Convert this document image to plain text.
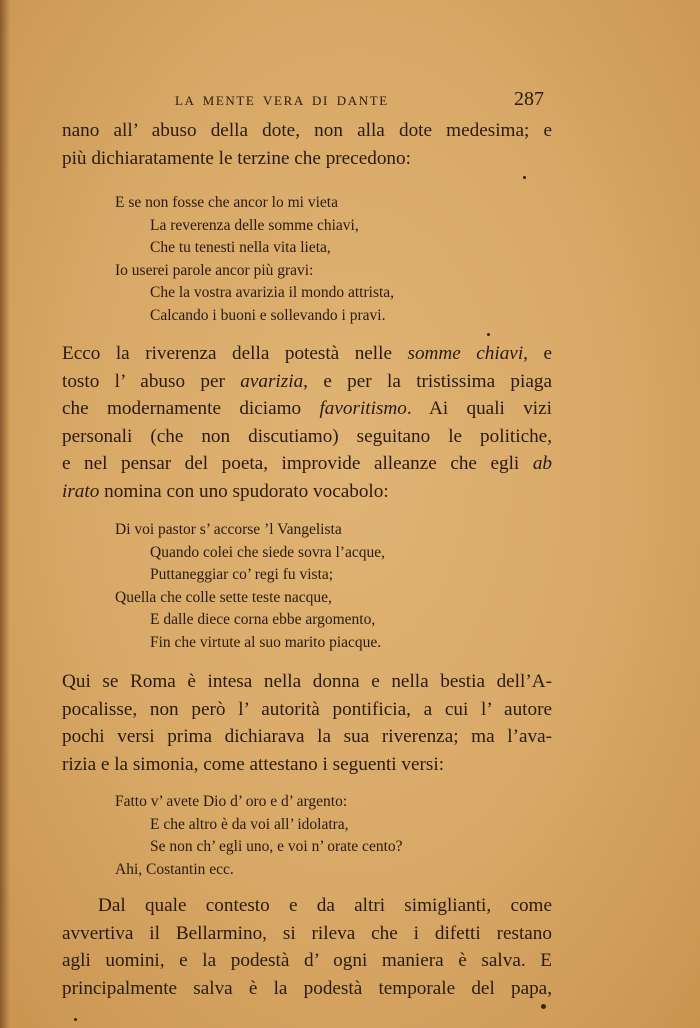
LA MENTE VERA DI DANTE	287
nano all’ abuso della dote, non alla dote medesima; e
più dichiaratamente le terzine che precedono:
E se non fosse che ancor lo mi vieta
La reverenza delle somme chiavi,
Che tu tenesti nella vita lieta,
Io userei parole ancor più gravi:
Che la vostra avarizia il mondo attrista,
Calcando i buoni e sollevando i pravi.
Ecco la riverenza della potestà nelle somme chiavi, e
tosto l’ abuso per avarizia, e per la tristissima piaga
che modernamente diciamo favoritismo. Ai quali vizi
personali (che non discutiamo) seguitano le politiche,
e nel pensar del poeta, improvide alleanze che egli ab
irato nomina con uno spudorato vocabolo:
Di voi pastor s’ accorse ’l Vangelista
Quando colei che siede sovra l’acque,
Puttaneggiar co’ regi fu vista;
Quella che colle sette teste nacque,
E dalle diece corna ebbe argomento,
Fin che virtute al suo marito piacque.
Qui se Roma è intesa nella donna e nella bestia dell’A-
pocalisse, non però l’ autorità pontificia, a cui l’ autore
pochi versi prima dichiarava la sua riverenza; ma l’ava-
rizia e la simonia, come attestano i seguenti versi:
Fatto v’ avete Dio d’ oro e d’ argento:
E che altro è da voi all’ idolatra,
Se non ch’ egli uno, e voi n’ orate cento?
Ahi, Costantin ecc.
Dal quale contesto e da altri simiglianti, come
avvertiva il Bellarmino, si rileva che i difetti restano
agli uomini, e la podestà d’ ogni maniera è salva. E
principalmente salva è la podestà temporale del papa,
